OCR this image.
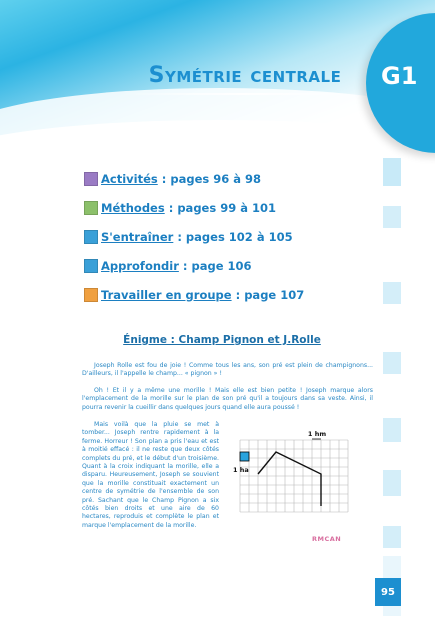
Symétrie centrale	G1
Activités : pages 96 à 98
Méthodes : pages 99 à 101
S'entraîner : pages 102 à 105
Approfondir : page 106
Travailler en groupe : page 107
Énigme : Champ Pignon et J.Rolle

Joseph Rolle est fou de joie ! Comme tous les ans, son pré est plein de champignons... D'ailleurs, il l'appelle le champ... « pignon » !

Oh ! Et il y a même une morille ! Mais elle est bien petite ! Joseph marque alors l'emplacement de la morille sur le plan de son pré qu'il a toujours dans sa veste. Ainsi, il pourra revenir la cueillir dans quelques jours quand elle aura poussé !

Mais voilà que la pluie se met à tomber... Joseph rentre rapidement à la ferme. Horreur ! Son plan a pris l'eau et est à moitié effacé : il ne reste que deux côtés complets du pré, et le début d'un troisième. Quant à la croix indiquant la morille, elle a disparu. Heureusement, Joseph se souvient que la morille constituait exactement un centre de symétrie de l'ensemble de son pré. Sachant que le Champ Pignon a six côtés bien droits et une aire de 60 hectares, reproduis et complète le plan et marque l'emplacement de la morille.

1 hm
1 ha
RMCAN
95
